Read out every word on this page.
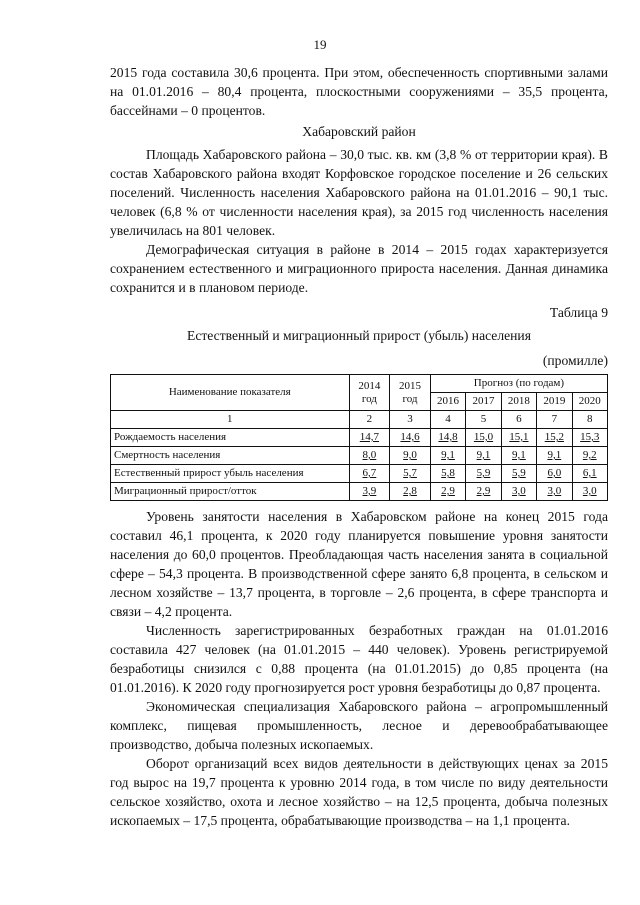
19

2015 года составила 30,6 процента. При этом, обеспеченность спортивными залами на 01.01.2016 – 80,4 процента, плоскостными сооружениями – 35,5 процента, бассейнами – 0 процентов.

Хабаровский район

Площадь Хабаровского района – 30,0 тыс. кв. км (3,8 % от территории края). В состав Хабаровского района входят Корфовское городское поселение и 26 сельских поселений. Численность населения Хабаровского района на 01.01.2016 – 90,1 тыс. человек (6,8 % от численности населения края), за 2015 год численность населения увеличилась на 801 человек.

Демографическая ситуация в районе в 2014 – 2015 годах характеризуется сохранением естественного и миграционного прироста населения. Данная динамика сохранится и в плановом периоде.

Таблица 9
Естественный и миграционный прирост (убыль) населения
(промилле)
Наименование показателя	2014 год	2015 год	Прогноз (по годам)				
			2016	2017	2018	2019	2020
1	2	3	4	5	6	7	8
Рождаемость населения	14,7	14,6	14,8	15,0	15,1	15,2	15,3
Смертность населения	8,0	9,0	9,1	9,1	9,1	9,1	9,2
Естественный прирост убыль населения	6,7	5,7	5,8	5,9	5,9	6,0	6,1
Миграционный прирост/отток	3,9	2,8	2,9	2,9	3,0	3,0	3,0

Уровень занятости населения в Хабаровском районе на конец 2015 года составил 46,1 процента, к 2020 году планируется повышение уровня занятости населения до 60,0 процентов. Преобладающая часть населения занята в социальной сфере – 54,3 процента. В производственной сфере занято 6,8 процента, в сельском и лесном хозяйстве – 13,7 процента, в торговле – 2,6 процента, в сфере транспорта и связи – 4,2 процента.

Численность зарегистрированных безработных граждан на 01.01.2016 составила 427 человек (на 01.01.2015 – 440 человек). Уровень регистрируемой безработицы снизился с 0,88 процента (на 01.01.2015) до 0,85 процента (на 01.01.2016). К 2020 году прогнозируется рост уровня безработицы до 0,87 процента.

Экономическая специализация Хабаровского района – агропромышленный комплекс, пищевая промышленность, лесное и деревообрабатывающее производство, добыча полезных ископаемых.

Оборот организаций всех видов деятельности в действующих ценах за 2015 год вырос на 19,7 процента к уровню 2014 года, в том числе по виду деятельности сельское хозяйство, охота и лесное хозяйство – на 12,5 процента, добыча полезных ископаемых – 17,5 процента, обрабатывающие производства – на 1,1 процента.
